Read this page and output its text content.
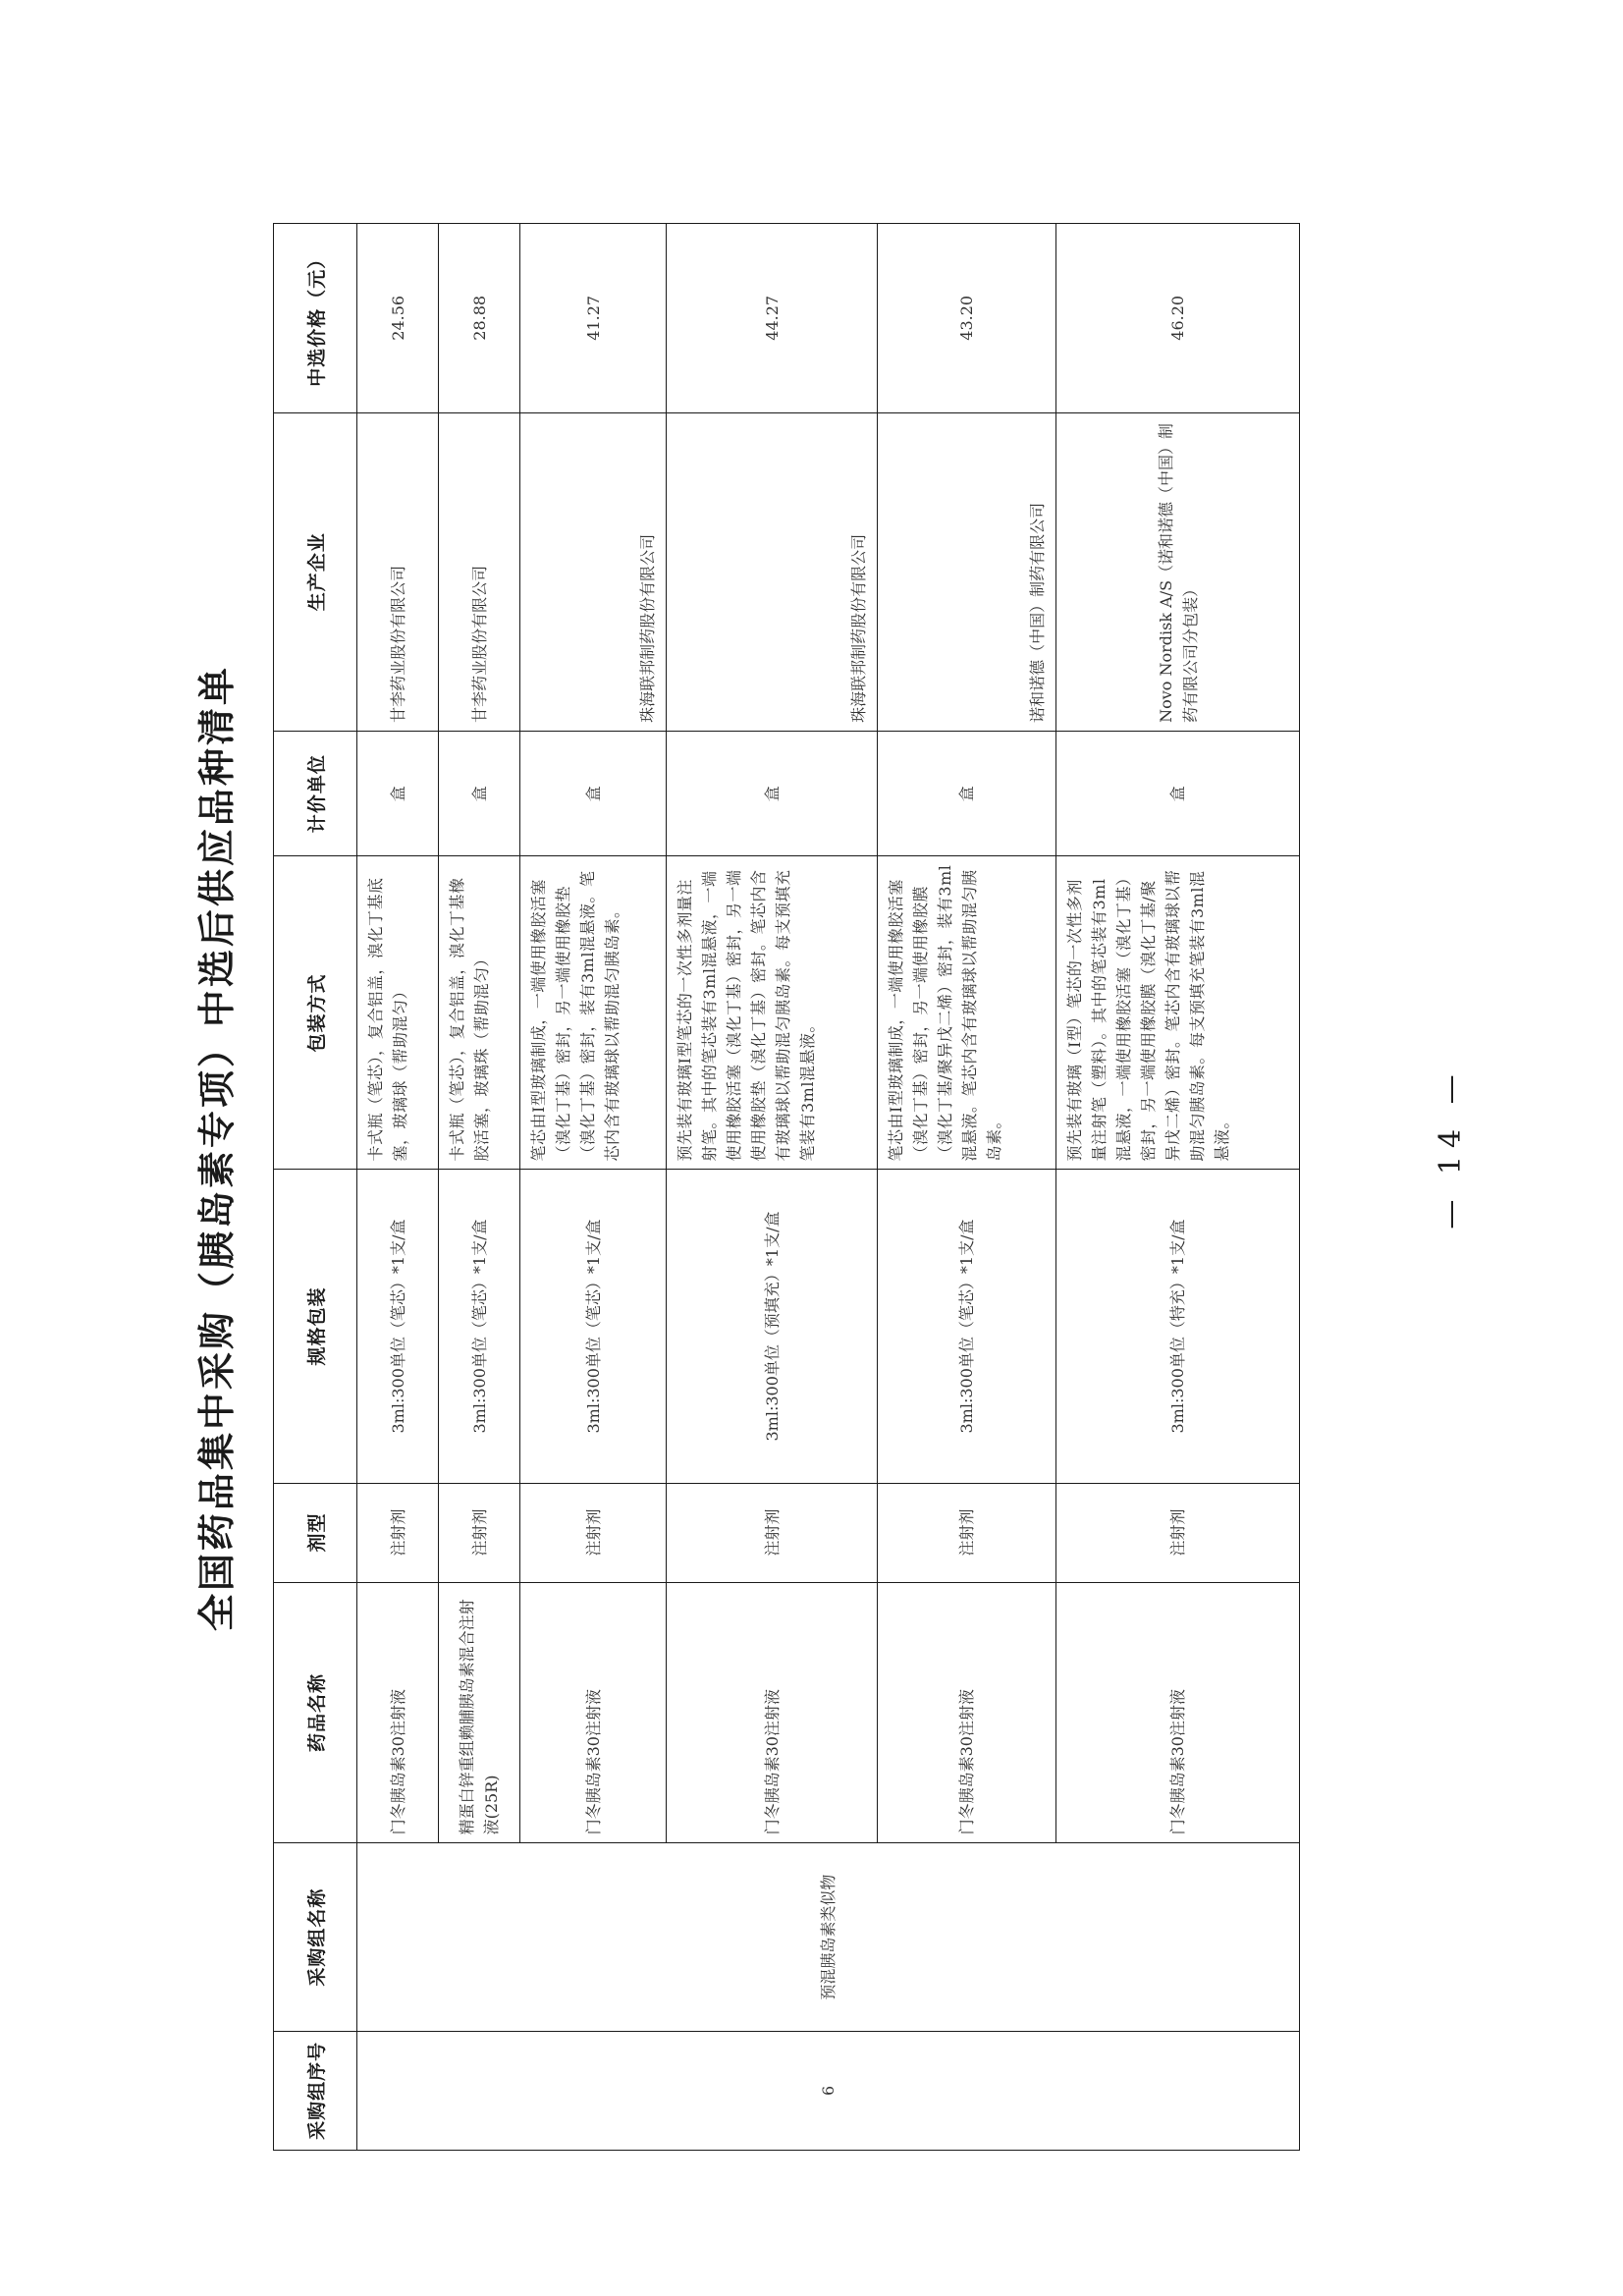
全国药品集中采购（胰岛素专项）中选后供应品种清单
采购组序号	采购组名称	药品名称	剂型	规格包装	包装方式	计价单位	生产企业	中选价格（元）
6	预混胰岛素类似物	门冬胰岛素30注射液	注射剂	3ml:300单位（笔芯）*1支/盒	卡式瓶（笔芯），复合铝盖，溴化丁基底塞，玻璃球（帮助混匀）	盒	甘李药业股份有限公司	24.56
		精蛋白锌重组赖脯胰岛素混合注射液(25R)	注射剂	3ml:300单位（笔芯）*1支/盒	卡式瓶（笔芯），复合铝盖，溴化丁基橡胶活塞，玻璃珠（帮助混匀）	盒	甘李药业股份有限公司	28.88
		门冬胰岛素30注射液	注射剂	3ml:300单位（笔芯）*1支/盒	笔芯由Ⅰ型玻璃制成，一端使用橡胶活塞（溴化丁基）密封，另一端使用橡胶垫（溴化丁基）密封，装有3ml混悬液。笔芯内含有玻璃球以帮助混匀胰岛素。	盒	珠海联邦制药股份有限公司	41.27
		门冬胰岛素30注射液	注射剂	3ml:300单位（预填充）*1支/盒	预先装有玻璃Ⅰ型笔芯的一次性多剂量注射笔。其中的笔芯装有3ml混悬液，一端使用橡胶活塞（溴化丁基）密封，另一端使用橡胶垫（溴化丁基）密封。笔芯内含有玻璃球以帮助混匀胰岛素。每支预填充笔装有3ml混悬液。	盒	珠海联邦制药股份有限公司	44.27
		门冬胰岛素30注射液	注射剂	3ml:300单位（笔芯）*1支/盒	笔芯由Ⅰ型玻璃制成，一端使用橡胶活塞（溴化丁基）密封，另一端使用橡胶膜（溴化丁基/聚异戊二烯）密封，装有3ml混悬液。笔芯内含有玻璃球以帮助混匀胰岛素。	盒	诺和诺德（中国）制药有限公司	43.20
		门冬胰岛素30注射液	注射剂	3ml:300单位（特充）*1支/盒	预先装有玻璃（Ⅰ型）笔芯的一次性多剂量注射笔（塑料）。其中的笔芯装有3ml混悬液，一端使用橡胶活塞（溴化丁基）密封，另一端使用橡胶膜（溴化丁基/聚异戊二烯）密封。笔芯内含有玻璃球以帮助混匀胰岛素。每支预填充笔装有3ml混悬液。	盒	Novo Nordisk A/S（诺和诺德（中国）制药有限公司分包装）	46.20
— 14 —
